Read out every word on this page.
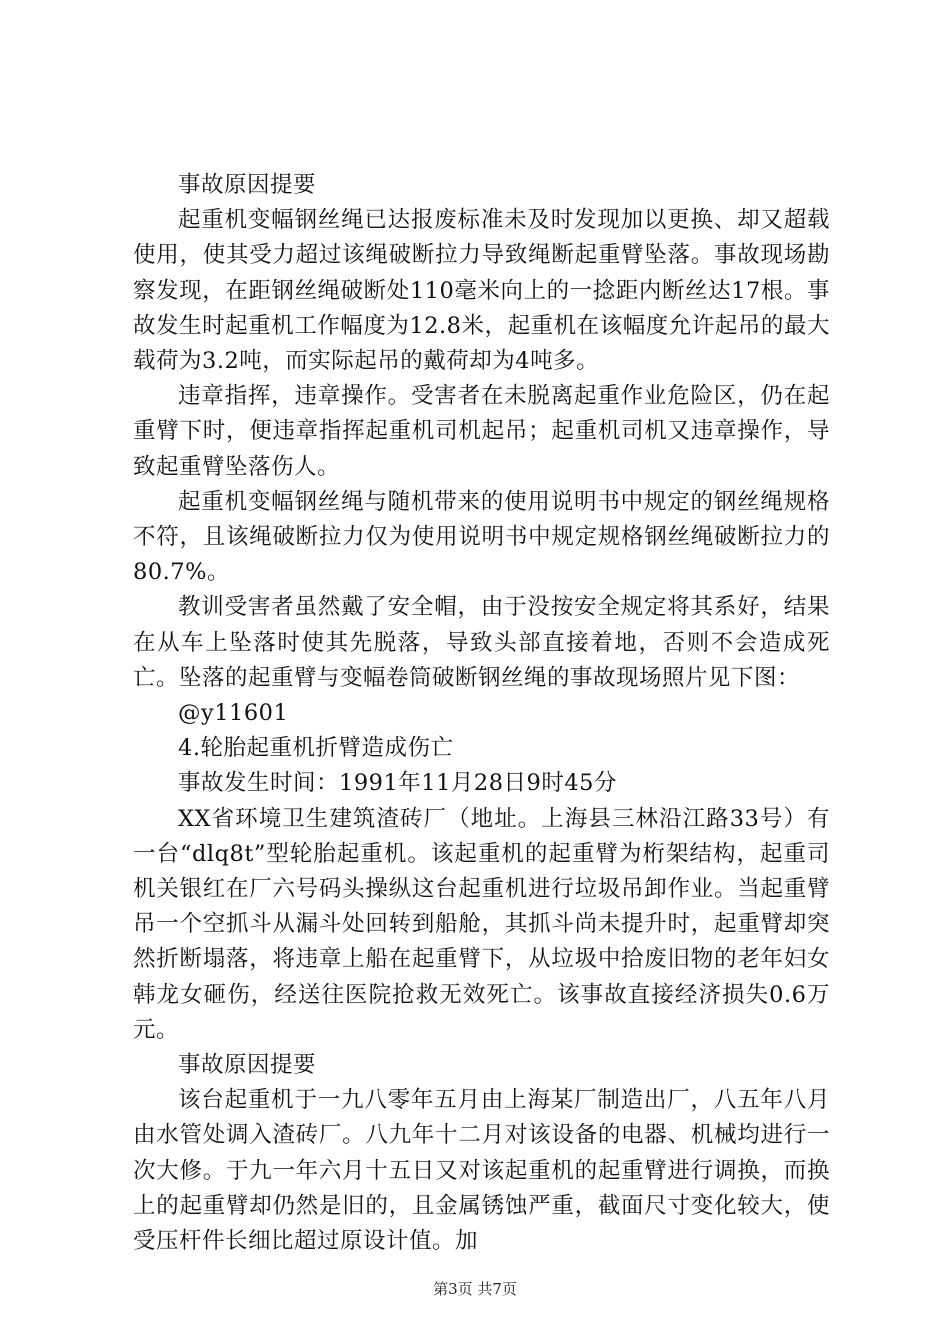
事故原因提要

起重机变幅钢丝绳已达报废标准未及时发现加以更换、却又超载使用，使其受力超过该绳破断拉力导致绳断起重臂坠落。事故现场勘察发现，在距钢丝绳破断处110毫米向上的一捻距内断丝达17根。事故发生时起重机工作幅度为12.8米，起重机在该幅度允许起吊的最大载荷为3.2吨，而实际起吊的戴荷却为4吨多。

违章指挥，违章操作。受害者在未脱离起重作业危险区，仍在起重臂下时，便违章指挥起重机司机起吊；起重机司机又违章操作，导致起重臂坠落伤人。

起重机变幅钢丝绳与随机带来的使用说明书中规定的钢丝绳规格不符，且该绳破断拉力仅为使用说明书中规定规格钢丝绳破断拉力的80.7%。

教训受害者虽然戴了安全帽，由于没按安全规定将其系好，结果在从车上坠落时使其先脱落，导致头部直接着地，否则不会造成死亡。坠落的起重臂与变幅卷筒破断钢丝绳的事故现场照片见下图：

@y11601

4.轮胎起重机折臂造成伤亡

事故发生时间：1991年11月28日9时45分

XX省环境卫生建筑渣砖厂（地址。上海县三林沿江路33号）有一台“dlq8t”型轮胎起重机。该起重机的起重臂为桁架结构，起重司机关银红在厂六号码头操纵这台起重机进行垃圾吊卸作业。当起重臂吊一个空抓斗从漏斗处回转到船舱，其抓斗尚未提升时，起重臂却突然折断塌落，将违章上船在起重臂下，从垃圾中拾废旧物的老年妇女韩龙女砸伤，经送往医院抢救无效死亡。该事故直接经济损失0.6万元。

事故原因提要

该台起重机于一九八零年五月由上海某厂制造出厂，八五年八月由水管处调入渣砖厂。八九年十二月对该设备的电器、机械均进行一次大修。于九一年六月十五日又对该起重机的起重臂进行调换，而换上的起重臂却仍然是旧的，且金属锈蚀严重，截面尺寸变化较大，使受压杆件长细比超过原设计值。加

第3页 共7页
